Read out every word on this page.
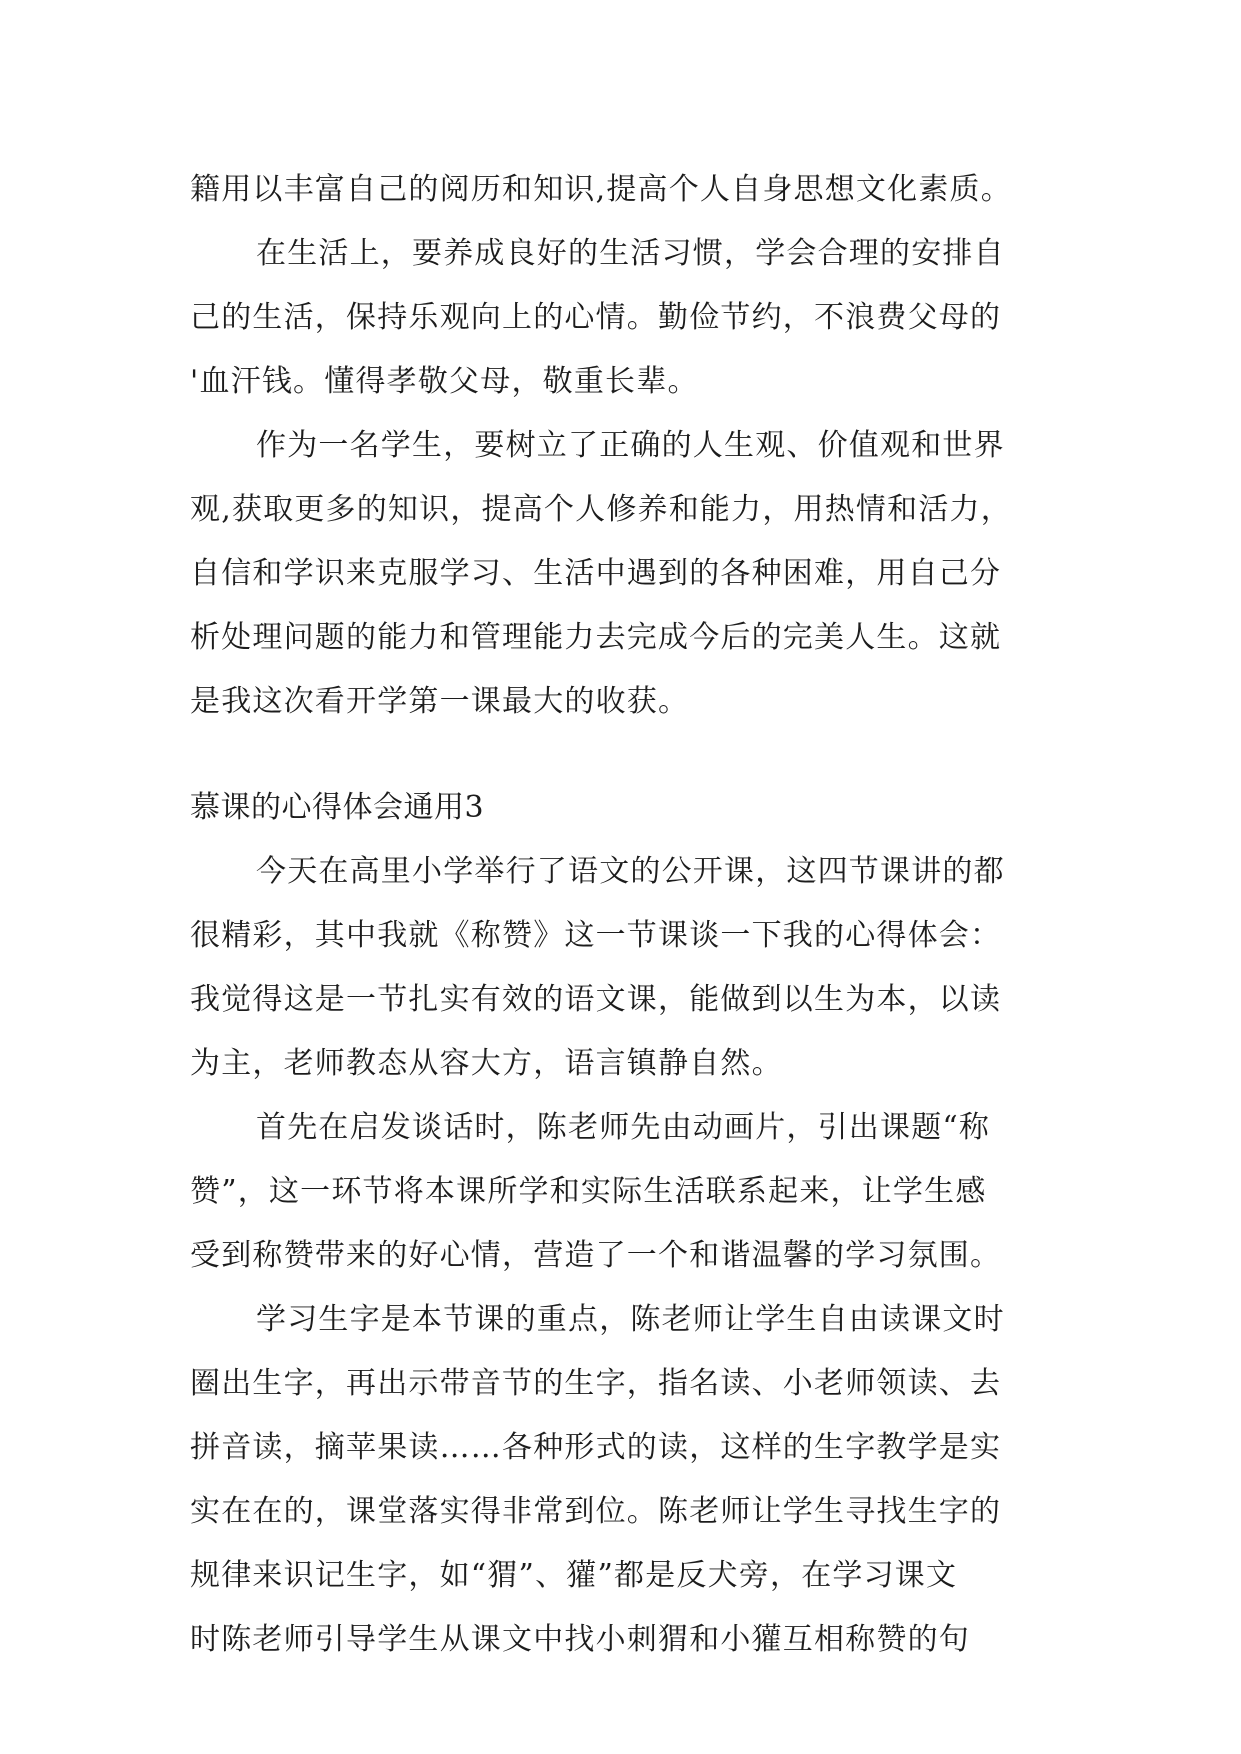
籍用以丰富自己的阅历和知识,提高个人自身思想文化素质。
在生活上，要养成良好的生活习惯，学会合理的安排自
己的生活，保持乐观向上的心情。勤俭节约，不浪费父母的
'血汗钱。懂得孝敬父母，敬重长辈。
作为一名学生，要树立了正确的人生观、价值观和世界
观,获取更多的知识，提高个人修养和能力，用热情和活力，
自信和学识来克服学习、生活中遇到的各种困难，用自己分
析处理问题的能力和管理能力去完成今后的完美人生。这就
是我这次看开学第一课最大的收获。
慕课的心得体会通用3
今天在高里小学举行了语文的公开课，这四节课讲的都
很精彩，其中我就《称赞》这一节课谈一下我的心得体会：
我觉得这是一节扎实有效的语文课，能做到以生为本，以读
为主，老师教态从容大方，语言镇静自然。
首先在启发谈话时，陈老师先由动画片，引出课题“称
赞”，这一环节将本课所学和实际生活联系起来，让学生感
受到称赞带来的好心情，营造了一个和谐温馨的学习氛围。
学习生字是本节课的重点，陈老师让学生自由读课文时
圈出生字，再出示带音节的生字，指名读、小老师领读、去
拼音读，摘苹果读……各种形式的读，这样的生字教学是实
实在在的，课堂落实得非常到位。陈老师让学生寻找生字的
规律来识记生字，如“猬”、獾”都是反犬旁，在学习课文
时陈老师引导学生从课文中找小刺猬和小獾互相称赞的句
